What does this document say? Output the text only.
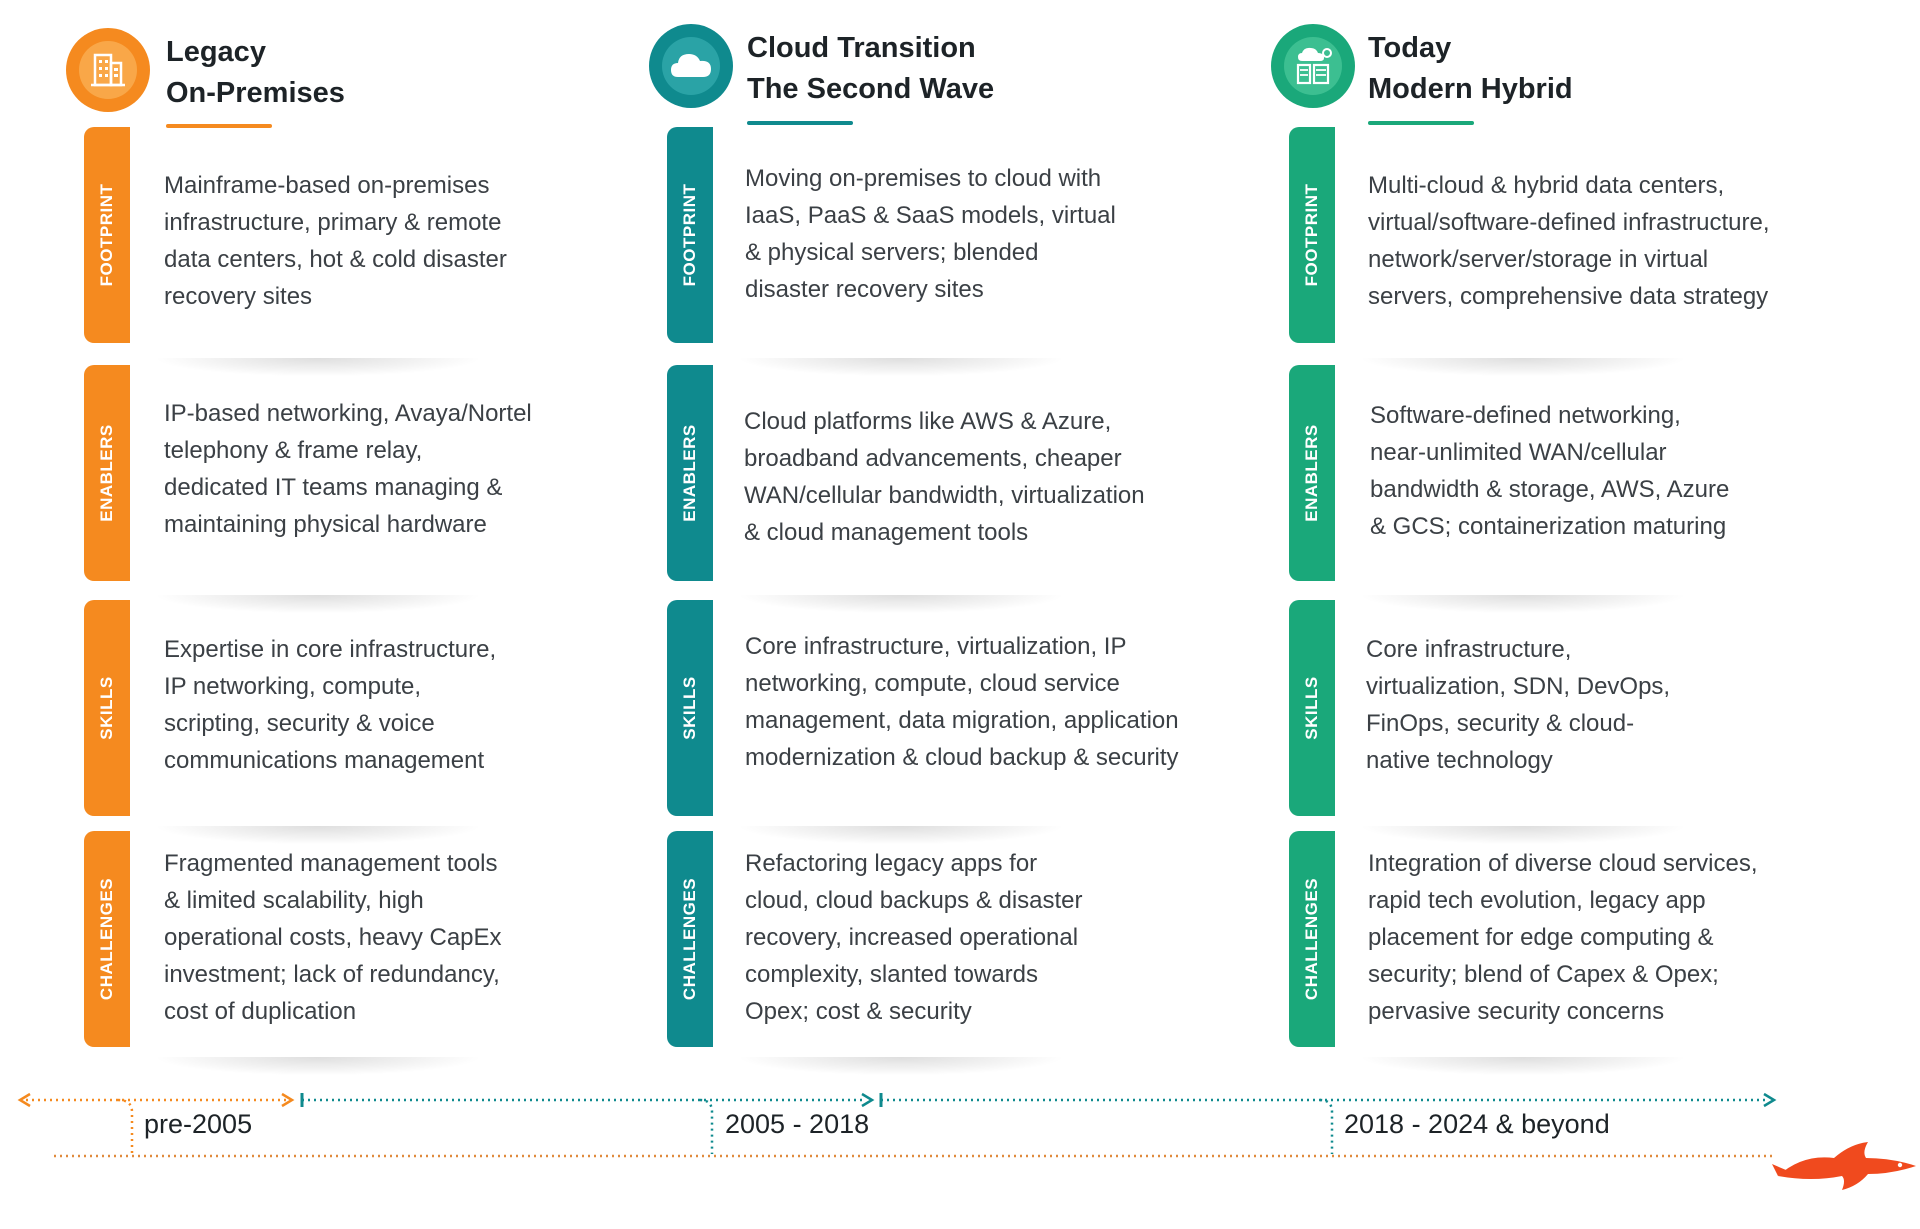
Legacy
On-Premises
FOOTPRINT Mainframe-based on-premises
infrastructure, primary & remote
data centers, hot & cold disaster
recovery sites
ENABLERS
IP-based networking, Avaya/Nortel
telephony & frame relay,
dedicated IT teams managing &
maintaining physical hardware
SKILLS
Expertise in core infrastructure,
IP networking, compute,
scripting, security & voice
communications management
CHALLENGES
Fragmented management tools
& limited scalability, high
operational costs, heavy CapEx
investment; lack of redundancy,
cost of duplication
Cloud Transition
The Second Wave
FOOTPRINT
Moving on-premises to cloud with
IaaS, PaaS & SaaS models, virtual
& physical servers; blended
disaster recovery sites
ENABLERS
Cloud platforms like AWS & Azure,
broadband advancements, cheaper
WAN/cellular bandwidth, virtualization
& cloud management tools
SKILLS
Core infrastructure, virtualization, IP
networking, compute, cloud service
management, data migration, application
modernization & cloud backup & security
CHALLENGES
Refactoring legacy apps for
cloud, cloud backups & disaster
recovery, increased operational
complexity, slanted towards
Opex; cost & security
Today
Modern Hybrid
FOOTPRINT Multi-cloud & hybrid data centers,
virtual/software-defined infrastructure,
network/server/storage in virtual
servers, comprehensive data strategy
ENABLERS
Software-defined networking,
near-unlimited WAN/cellular
bandwidth & storage, AWS, Azure
& GCS; containerization maturing
SKILLS
Core infrastructure,
virtualization, SDN, DevOps,
FinOps, security & cloud-
native technology
CHALLENGES
Integration of diverse cloud services,
rapid tech evolution, legacy app
placement for edge computing &
security; blend of Capex & Opex;
pervasive security concerns
pre-2005	2005 - 2018	2018 - 2024 & beyond
